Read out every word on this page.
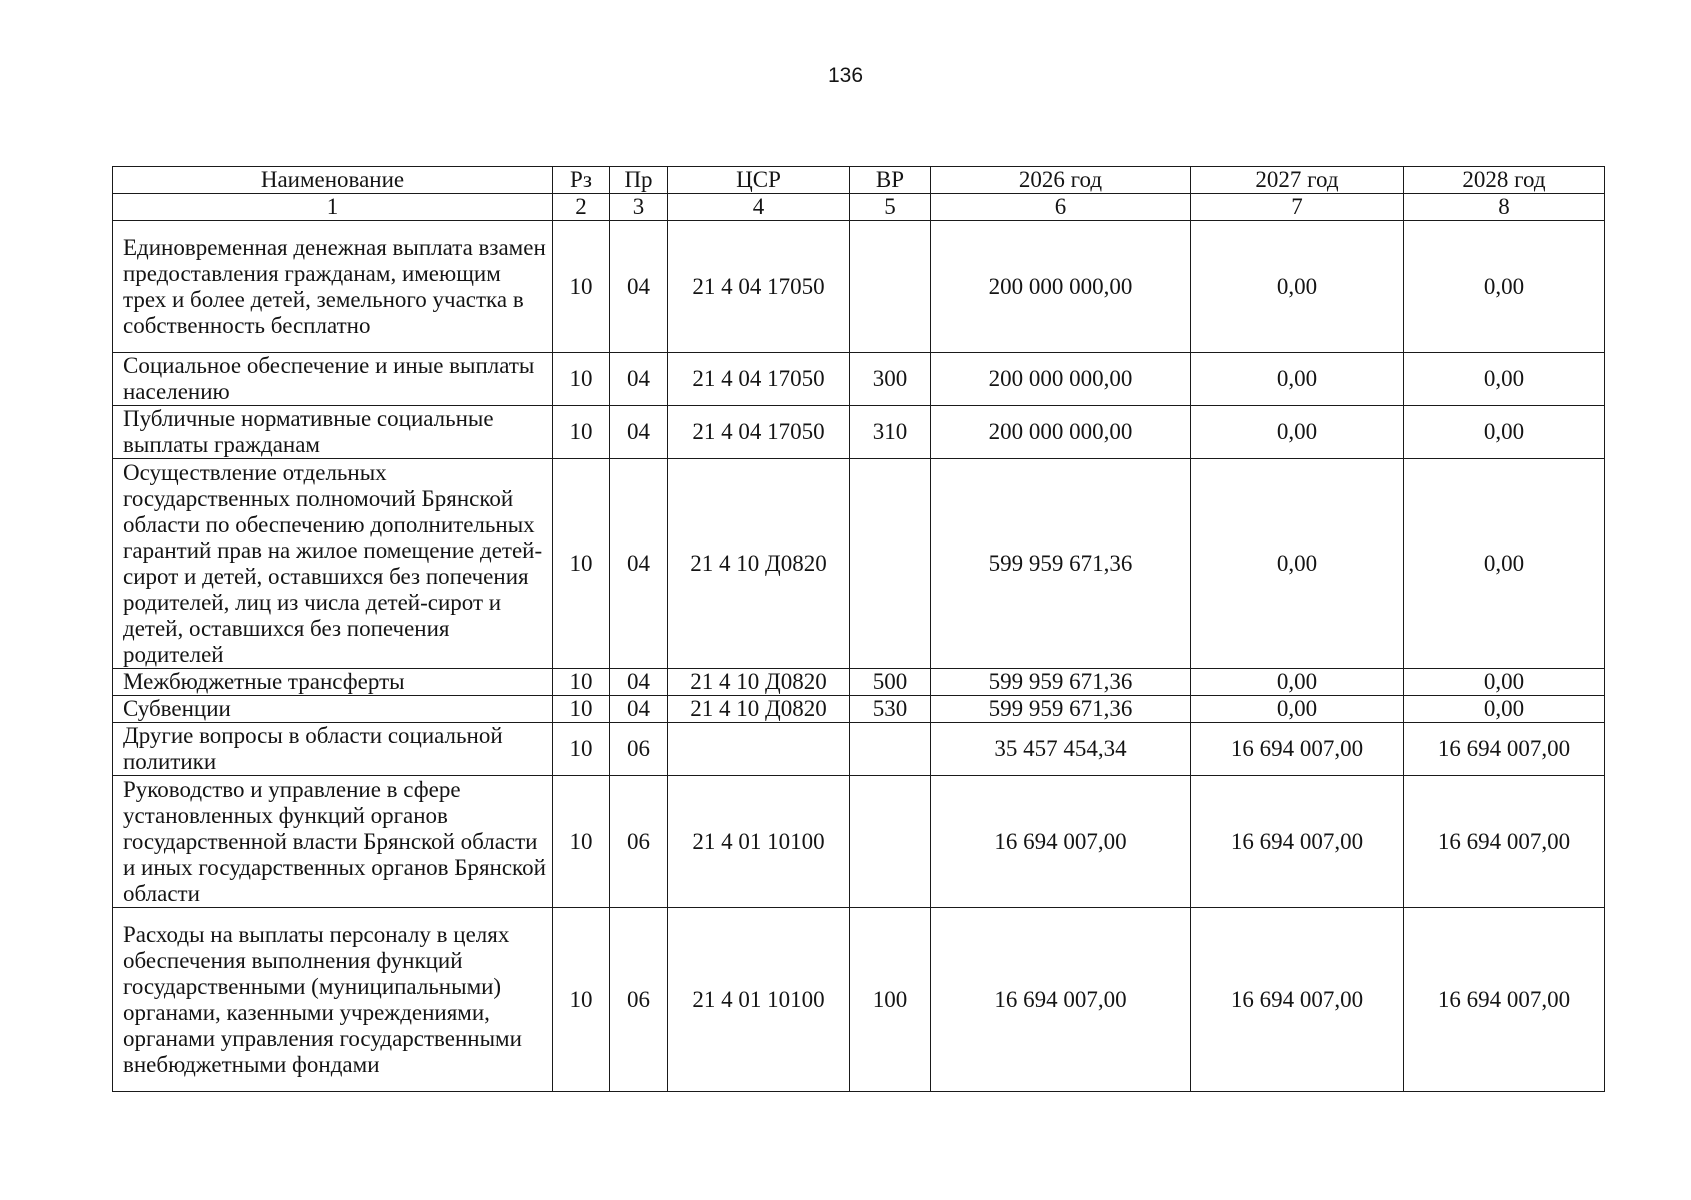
136
Наименование	Рз	Пр	ЦСР	ВР	2026 год	2027 год	2028 год
1	2	3	4	5	6	7	8
Единовременная денежная выплата взамен предоставления гражданам, имеющим трех и более детей, земельного участка в собственность бесплатно	10	04	21 4 04 17050		200 000 000,00	0,00	0,00
Социальное обеспечение и иные выплаты населению	10	04	21 4 04 17050	300	200 000 000,00	0,00	0,00
Публичные нормативные социальные выплаты гражданам	10	04	21 4 04 17050	310	200 000 000,00	0,00	0,00
Осуществление отдельных государственных полномочий Брянской области по обеспечению дополнительных гарантий прав на жилое помещение детей-сирот и детей, оставшихся без попечения родителей, лиц из числа детей-сирот и детей, оставшихся без попечения родителей	10	04	21 4 10 Д0820		599 959 671,36	0,00	0,00
Межбюджетные трансферты	10	04	21 4 10 Д0820	500	599 959 671,36	0,00	0,00
Субвенции	10	04	21 4 10 Д0820	530	599 959 671,36	0,00	0,00
Другие вопросы в области социальной политики	10	06			35 457 454,34	16 694 007,00	16 694 007,00
Руководство и управление в сфере установленных функций органов государственной власти Брянской области и иных государственных органов Брянской области	10	06	21 4 01 10100		16 694 007,00	16 694 007,00	16 694 007,00
Расходы на выплаты персоналу в целях обеспечения выполнения функций государственными (муниципальными) органами, казенными учреждениями, органами управления государственными внебюджетными фондами	10	06	21 4 01 10100	100	16 694 007,00	16 694 007,00	16 694 007,00
